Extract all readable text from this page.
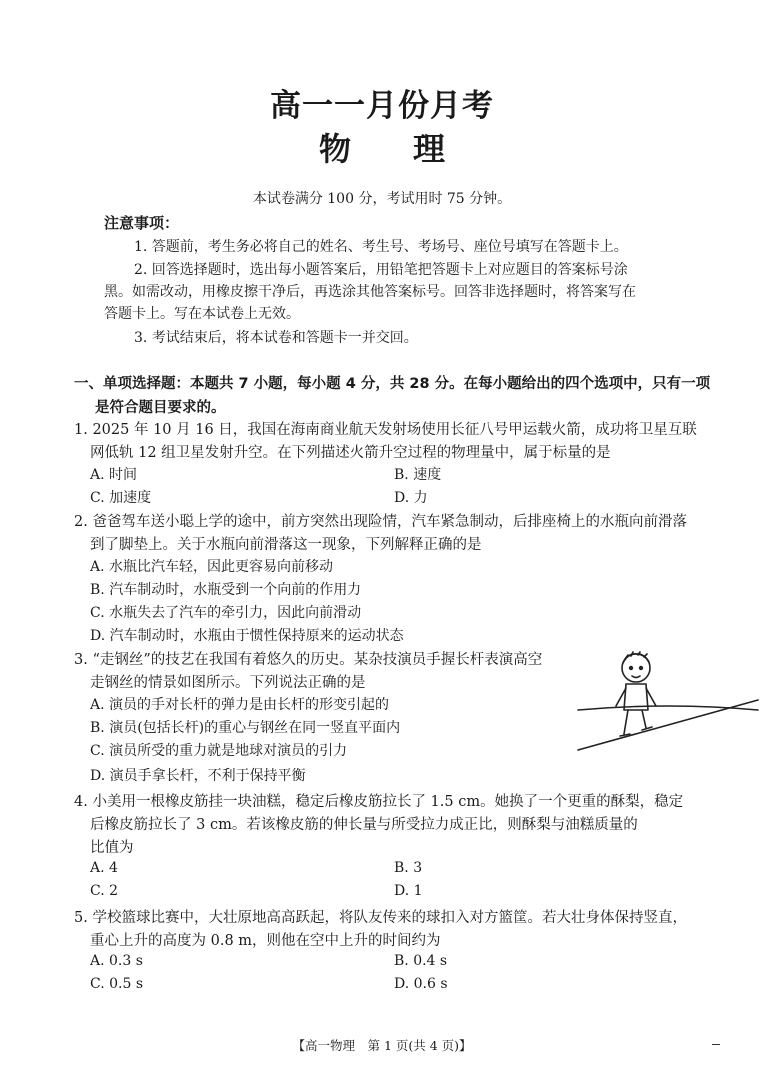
高一一月份月考
物 理
本试卷满分 100 分，考试用时 75 分钟。
注意事项：
1. 答题前，考生务必将自己的姓名、考生号、考场号、座位号填写在答题卡上。
2. 回答选择题时，选出每小题答案后，用铅笔把答题卡上对应题目的答案标号涂
黑。如需改动，用橡皮擦干净后，再选涂其他答案标号。回答非选择题时，将答案写在
答题卡上。写在本试卷上无效。
3. 考试结束后，将本试卷和答题卡一并交回。
一、单项选择题：本题共 7 小题，每小题 4 分，共 28 分。在每小题给出的四个选项中，只有一项
是符合题目要求的。
1. 2025 年 10 月 16 日，我国在海南商业航天发射场使用长征八号甲运载火箭，成功将卫星互联
网低轨 12 组卫星发射升空。在下列描述火箭升空过程的物理量中，属于标量的是
A. 时间	B. 速度
C. 加速度	D. 力
2. 爸爸驾车送小聪上学的途中，前方突然出现险情，汽车紧急制动，后排座椅上的水瓶向前滑落
到了脚垫上。关于水瓶向前滑落这一现象，下列解释正确的是
A. 水瓶比汽车轻，因此更容易向前移动
B. 汽车制动时，水瓶受到一个向前的作用力
C. 水瓶失去了汽车的牵引力，因此向前滑动
D. 汽车制动时，水瓶由于惯性保持原来的运动状态
3. “走钢丝”的技艺在我国有着悠久的历史。某杂技演员手握长杆表演高空
走钢丝的情景如图所示。下列说法正确的是
A. 演员的手对长杆的弹力是由长杆的形变引起的
B. 演员(包括长杆)的重心与钢丝在同一竖直平面内
C. 演员所受的重力就是地球对演员的引力
D. 演员手拿长杆，不利于保持平衡
4. 小美用一根橡皮筋挂一块油糕，稳定后橡皮筋拉长了 1.5 cm。她换了一个更重的酥梨，稳定
后橡皮筋拉长了 3 cm。若该橡皮筋的伸长量与所受拉力成正比，则酥梨与油糕质量的
比值为
A. 4	B. 3
C. 2	D. 1
5. 学校篮球比赛中，大壮原地高高跃起，将队友传来的球扣入对方篮筐。若大壮身体保持竖直，
重心上升的高度为 0.8 m，则他在空中上升的时间约为
A. 0.3 s	B. 0.4 s
C. 0.5 s	D. 0.6 s
【高一物理　第 1 页(共 4 页)】
